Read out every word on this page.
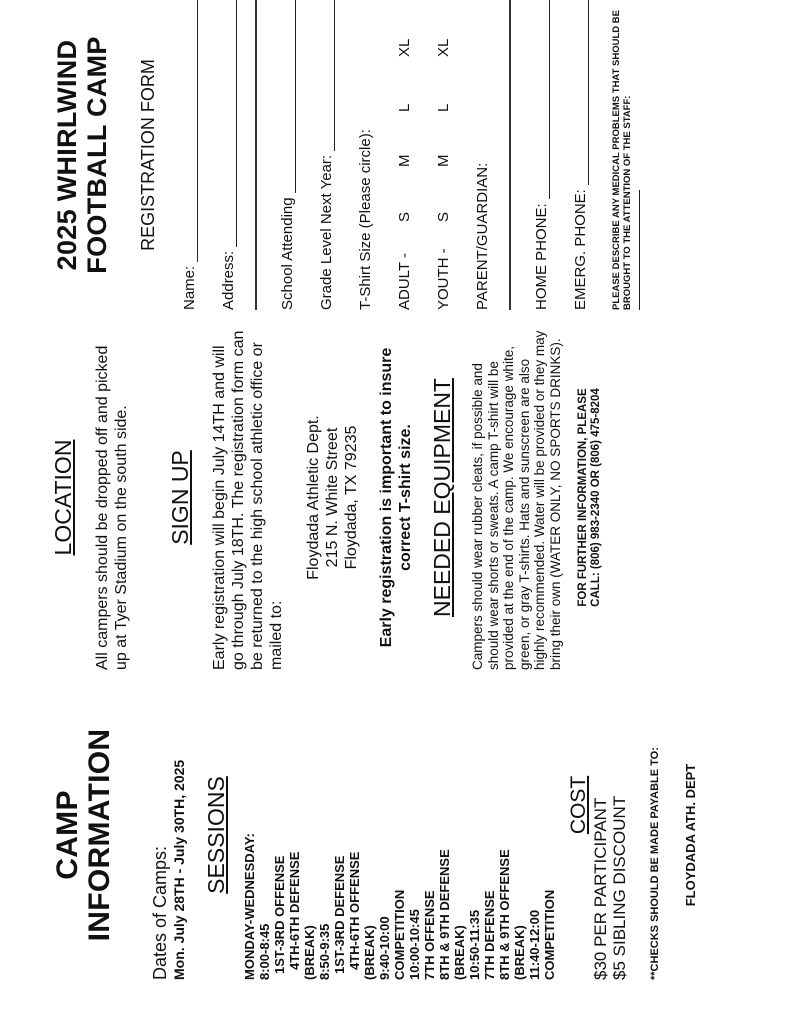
CAMP INFORMATION Dates of Camps: Mon. July 28TH - July 30TH, 2025 SESSIONS MONDAY-WEDNESDAY: 8:00-8:45 1ST-3RD OFFENSE 4TH-6TH DEFENSE (BREAK) 8:50-9:35 1ST-3RD DEFENSE 4TH-6TH OFFENSE (BREAK) 9:40-10:00 COMPETITION 10:00-10:45 7TH OFFENSE 8TH & 9TH DEFENSE (BREAK) 10:50-11:35 7TH DEFENSE 8TH & 9TH OFFENSE (BREAK) 11:40-12:00 COMPETITION
COST $30 PER PARTICIPANT $5 SIBLING DISCOUNT **CHECKS SHOULD BE MADE PAYABLE TO: FLOYDADA ATH. DEPT
LOCATION All campers should be dropped off and picked up at Tyer Stadium on the south side. SIGN UP Early registration will begin July 14TH and will go through July 18TH. The registration form can be returned to the high school athletic office or mailed to:
Floydada Athletic Dept. 215 N. White Street Floydada, TX 79235 Early registration is important to insure correct T-shirt size. NEEDED EQUIPMENT Campers should wear rubber cleats, if possible and should wear shorts or sweats. A camp T-shirt will be provided at the end of the camp. We encourage white, green, or gray T-shirts. Hats and sunscreen are also highly recommended. Water will be provided or they may bring their own (WATER ONLY, NO SPORTS DRINKS). FOR FURTHER INFORMATION, PLEASE CALL: (806) 983-2340 OR (806) 475-8204
2025 WHIRLWIND FOOTBALL CAMP REGISTRATION FORM
Name: Address:	School Attending Grade Level Next Year: T-Shirt Size (Please circle): ADULT -
S
M
L
XL
YOUTH -
S
M
L
XL
PARENT/GUARDIAN:	HOME PHONE: EMERG. PHONE: PLEASE DESCRIBE ANY MEDICAL PROBLEMS THAT SHOULD BE BROUGHT TO THE ATTENTION OF THE STAFF:
